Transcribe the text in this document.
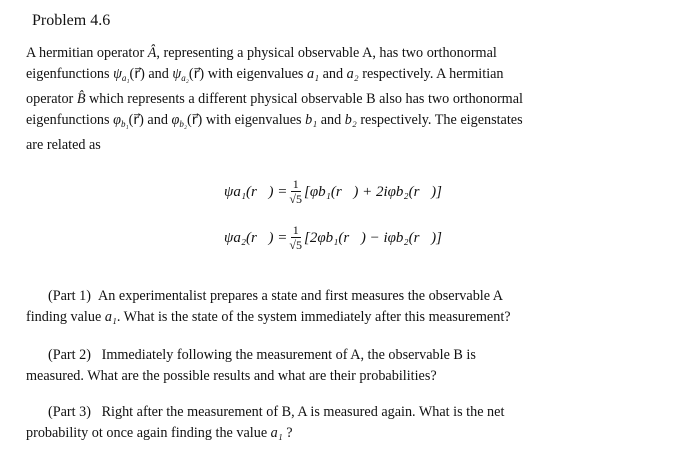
Problem 4.6
A hermitian operator Â, representing a physical observable A, has two orthonormal
eigenfunctions $\psi_{a_1}(r⃗)$ and $\psi_{a_2}(r⃗)$ with eigenvalues a₁ and a₂ respectively. A hermitian
operator B̂ which represents a different physical observable B also has two orthonormal
eigenfunctions $\varphi_{b_1}(r⃗)$ and $\varphi_{b_2}(r⃗)$ with eigenvalues b₁ and b₂ respectively. The eigenstates
are related as
ψa₁(r⃗) = $\frac{1}{√5}$ [φb₁(r⃗) + 2iφb₂(r⃗)]
ψa₂(r⃗) = $\frac{1}{√5}$ [2φb₁(r⃗) − iφb₂(r⃗)]
(Part 1) An experimentalist prepares a state and first measures the observable A
finding value a₁. What is the state of the system immediately after this measurement?
(Part 2) Immediately following the measurement of A, the observable B is
measured. What are the possible results and what are their probabilities?
(Part 3) Right after the measurement of B, A is measured again. What is the net
probability ot once again finding the value a₁ ?
